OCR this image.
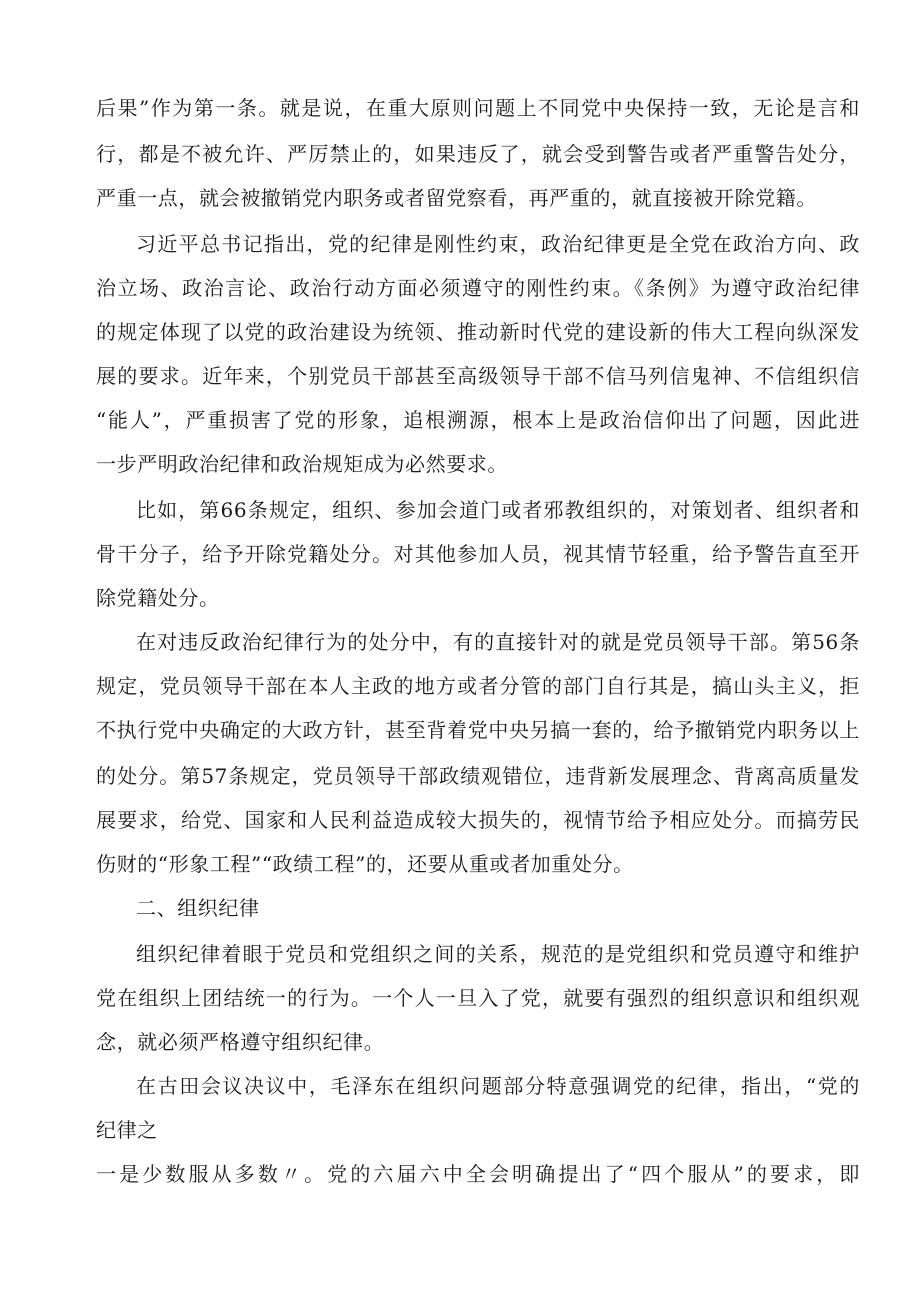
后果”作为第一条。就是说，在重大原则问题上不同党中央保持一致，无论是言和
行，都是不被允许、严厉禁止的，如果违反了，就会受到警告或者严重警告处分，
严重一点，就会被撤销党内职务或者留党察看，再严重的，就直接被开除党籍。
习近平总书记指出，党的纪律是刚性约束，政治纪律更是全党在政治方向、政
治立场、政治言论、政治行动方面必须遵守的刚性约束。《条例》为遵守政治纪律
的规定体现了以党的政治建设为统领、推动新时代党的建设新的伟大工程向纵深发
展的要求。近年来，个别党员干部甚至高级领导干部不信马列信鬼神、不信组织信
“能人”，严重损害了党的形象，追根溯源，根本上是政治信仰出了问题，因此进
一步严明政治纪律和政治规矩成为必然要求。
比如，第66条规定，组织、参加会道门或者邪教组织的，对策划者、组织者和
骨干分子，给予开除党籍处分。对其他参加人员，视其情节轻重，给予警告直至开
除党籍处分。
在对违反政治纪律行为的处分中，有的直接针对的就是党员领导干部。第56条
规定，党员领导干部在本人主政的地方或者分管的部门自行其是，搞山头主义，拒
不执行党中央确定的大政方针，甚至背着党中央另搞一套的，给予撤销党内职务以上
的处分。第57条规定，党员领导干部政绩观错位，违背新发展理念、背离高质量发
展要求，给党、国家和人民利益造成较大损失的，视情节给予相应处分。而搞劳民
伤财的“形象工程”“政绩工程”的，还要从重或者加重处分。
二、组织纪律
组织纪律着眼于党员和党组织之间的关系，规范的是党组织和党员遵守和维护
党在组织上团结统一的行为。一个人一旦入了党，就要有强烈的组织意识和组织观
念，就必须严格遵守组织纪律。
在古田会议决议中，毛泽东在组织问题部分特意强调党的纪律，指出，“党的
纪律之
一是少数服从多数〃。党的六届六中全会明确提出了“四个服从”的要求，即
